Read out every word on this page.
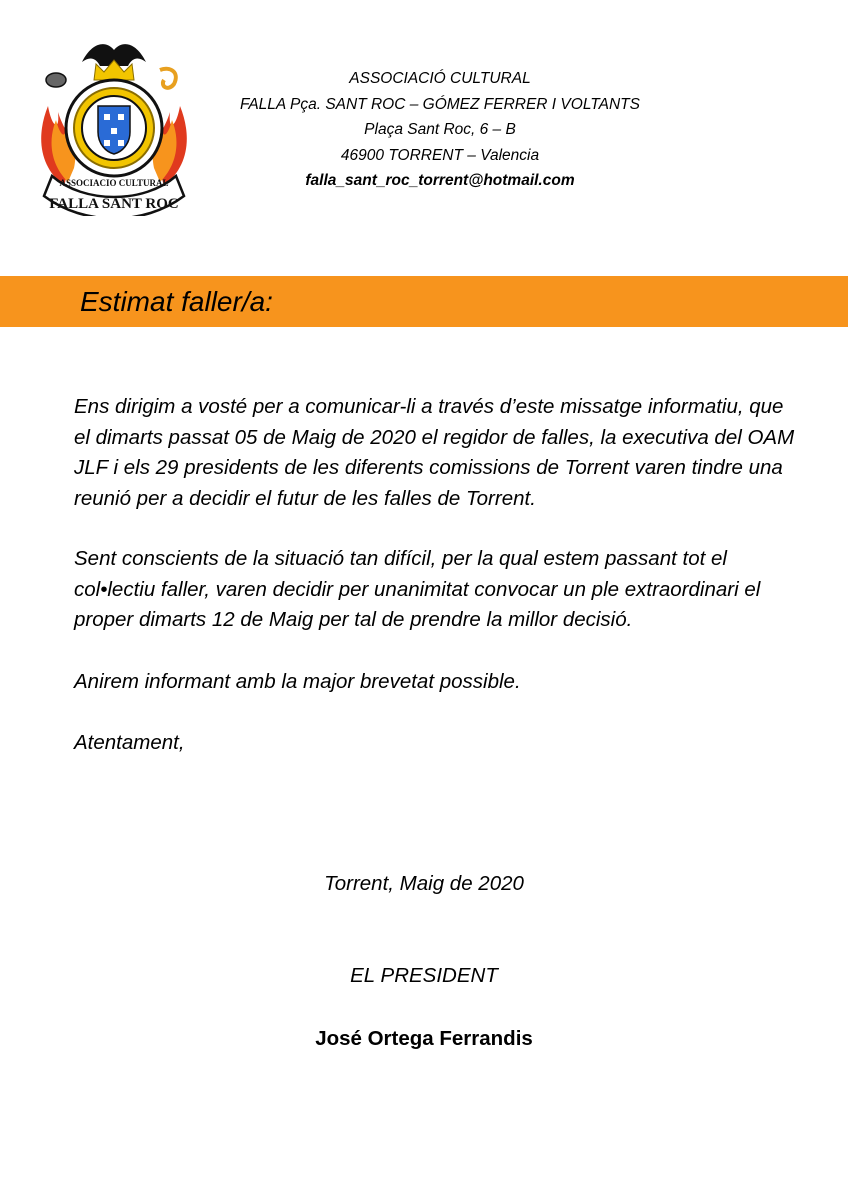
FALLA SANT ROC
ASSOCIACIO CULTURAL
ASSOCIACIÓ CULTURAL
FALLA Pça. SANT ROC – GÓMEZ FERRER I VOLTANTS
Plaça Sant Roc, 6 – B
46900 TORRENT – Valencia
falla_sant_roc_torrent@hotmail.com
Estimat faller/a:

Ens dirigim a vosté per a comunicar-li a través d’este missatge informatiu, que el dimarts passat 05 de Maig de 2020 el regidor de falles, la executiva del OAM JLF i els 29 presidents de les diferents comissions de Torrent varen tindre una reunió per a decidir el futur de les falles de Torrent.

Sent conscients de la situació tan difícil, per la qual estem passant tot el col•lectiu faller, varen decidir per unanimitat convocar un ple extraordinari el proper dimarts 12 de Maig per tal de prendre la millor decisió.

Anirem informant amb la major brevetat possible.

Atentament,

Torrent, Maig de 2020
EL PRESIDENT
José Ortega Ferrandis
